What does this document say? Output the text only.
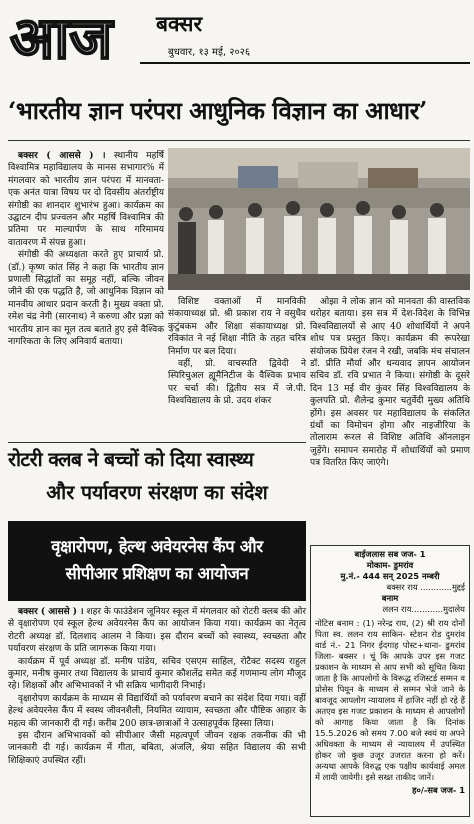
आज बक्सर
बुधवार, १३ मई, २०२६
‘भारतीय ज्ञान परंपरा आधुनिक विज्ञान का आधार’

बक्सर ( आससे ) । स्थानीय महर्षि विश्वामित्र महाविद्यालय के मानस सभागार% में मंगलवार को भारतीय ज्ञान परंपरा में मानवता- एक अनंत यात्रा विषय पर दो दिवसीय अंतर्राष्ट्रीय संगोष्ठी का शानदार शुभारंभ हुआ। कार्यक्रम का उद्घाटन दीप प्रज्वलन और महर्षि विश्वामित्र की प्रतिमा पर माल्यार्पण के साथ गरिमामय वातावरण में संपन्न हुआ।

संगोष्ठी की अध्यक्षता करते हुए प्राचार्य प्रो. (डॉ.) कृष्ण कांत सिंह ने कहा कि भारतीय ज्ञान प्रणाली सिद्धांतों का समूह नहीं, बल्कि जीवन जीने की एक पद्धति है, जो आधुनिक विज्ञान को मानवीय आधार प्रदान करती है। मुख्य वक्ता प्रो. रमेश चंद्र नेगी (सारनाथ) ने करुणा और प्रज्ञा को भारतीय ज्ञान का मूल तत्व बताते हुए इसे वैश्विक नागरिकता के लिए अनिवार्य बताया।

विशिष्ट वक्ताओं में मानविकी संकायाध्यक्ष प्रो. श्री प्रकाश राय ने वसुधैव कुटुंबकम और शिक्षा संकायाध्यक्ष प्रो. रविकांत ने नई शिक्षा नीति के तहत चरित्र निर्माण पर बल दिया।

वहीं, प्रो. वाचस्पति द्विवेदी ने स्पिरिचुअल ह्यूमैनिटीज के वैश्विक प्रभाव पर चर्चा की। द्वितीय सत्र में जे.पी. विश्वविद्यालय के प्रो. उदय शंकर

ओझा ने लोक ज्ञान को मानवता की वास्तविक धरोहर बताया। इस सत्र में देश-विदेश के विभिन्न विश्वविद्यालयों से आए 40 शोधार्थियों ने अपने शोध पत्र प्रस्तुत किए। कार्यक्रम की रूपरेखा संयोजक प्रियेश रंजन ने रखी, जबकि मंच संचालन डॉ. प्रीति मौर्या और धन्यवाद ज्ञापन आयोजन सचिव डॉ. रवि प्रभात ने किया। संगोष्ठी के दूसरे दिन 13 मई वीर कुंवर सिंह विश्वविद्यालय के कुलपति प्रो. शैलेन्द्र कुमार चतुर्वेदी मुख्य अतिथि होंगे। इस अवसर पर महाविद्यालय के संकलित ग्रंथों का विमोचन होगा और नाइजीरिया के तोलाराम रूरल से विशिष्ट अतिथि ऑनलाइन जुड़ेंगे। समापन समारोह में शोधार्थियों को प्रमाण पत्र वितरित किए जाएंगे।

रोटरी क्लब ने बच्चों को दिया स्वास्थ्य
और पर्यावरण संरक्षण का संदेश
वृक्षारोपण, हेल्थ अवेयरनेस कैंप और
सीपीआर प्रशिक्षण का आयोजन

बक्सर ( आससे ) । शहर के फाउंडेशन जूनियर स्कूल में मंगलवार को रोटरी क्लब की ओर से वृक्षारोपण एवं स्कूल हेल्थ अवेयरनेस कैंप का आयोजन किया गया। कार्यक्रम का नेतृत्व रोटरी अध्यक्ष डॉ. दिलशाद आलम ने किया। इस दौरान बच्चों को स्वास्थ्य, स्वच्छता और पर्यावरण संरक्षण के प्रति जागरूक किया गया।

कार्यक्रम में पूर्व अध्यक्ष डॉ. मनीष पांडेय, सचिव एसएम साहिल, रोटैक्ट सदस्य राहुल कुमार, मनीष कुमार तथा विद्यालय के प्राचार्य कुमार कौशलेंद्र समेत कई गणमान्य लोग मौजूद रहे। शिक्षकों और अभिभावकों ने भी सक्रिय भागीदारी निभाई।

वृक्षारोपण कार्यक्रम के माध्यम से विद्यार्थियों को पर्यावरण बचाने का संदेश दिया गया। वहीं हेल्थ अवेयरनेस कैंप में स्वस्थ जीवनशैली, नियमित व्यायाम, स्वच्छता और पौष्टिक आहार के महत्व की जानकारी दी गई। करीब 200 छात्र-छात्राओं ने उत्साहपूर्वक हिस्सा लिया।

इस दौरान अभिभावकों को सीपीआर जैसी महत्वपूर्ण जीवन रक्षक तकनीक की भी जानकारी दी गई। कार्यक्रम में गीता, बबिता, अंजलि, श्रेया सहित विद्यालय की सभी शिक्षिकाएं उपस्थित रहीं।

बाईजलास सब जज- 1
मोकाम- डुमरांव
मु.नं.- 444 सन् 2025 नम्बरी
बक्सर राय ............मुद्दई
बनाम
ललन राय............मुदालेय
नोटिस बनाम : (1) नरेन्द्र राय, (2) श्री राय दोनों पिता स्व. ललन राय साकिन- स्टेशन रोड दुमरांव वार्ड नं.- 21 निगर ईदगाह पोस्ट+थाना- डुमरांव जिला- बक्सर । चूं कि आपके उपर इस गजट प्रकाशन के माध्यम से आप सभी को सूचित किया जाता है कि आपलोगों के विरूद्ध रजिस्टर्ड सम्मन व प्रोसेस पियून के माध्यम से सम्मन भेजे जाने के बावजूद आपलोग न्यायालय में हाजिर नहीं हो रहे हैं अतएव इस गजट प्रकाशन के माध्यम से आपलोगों को आगाह किया जाता है कि दिनांक 15.5.2026 को समय 7.00 बजे स्वयं या अपने अधिवक्ता के माध्यम से न्यायालय में उपस्थित होकर जो कुछ उजूर उजरात करना हो करें। अन्यथा आपके विरुद्ध एक पक्षीय कार्यवाई अमल में लायी जायेगी। इसे सख्त ताकीद जानें।
ह०/-सब जज- 1
